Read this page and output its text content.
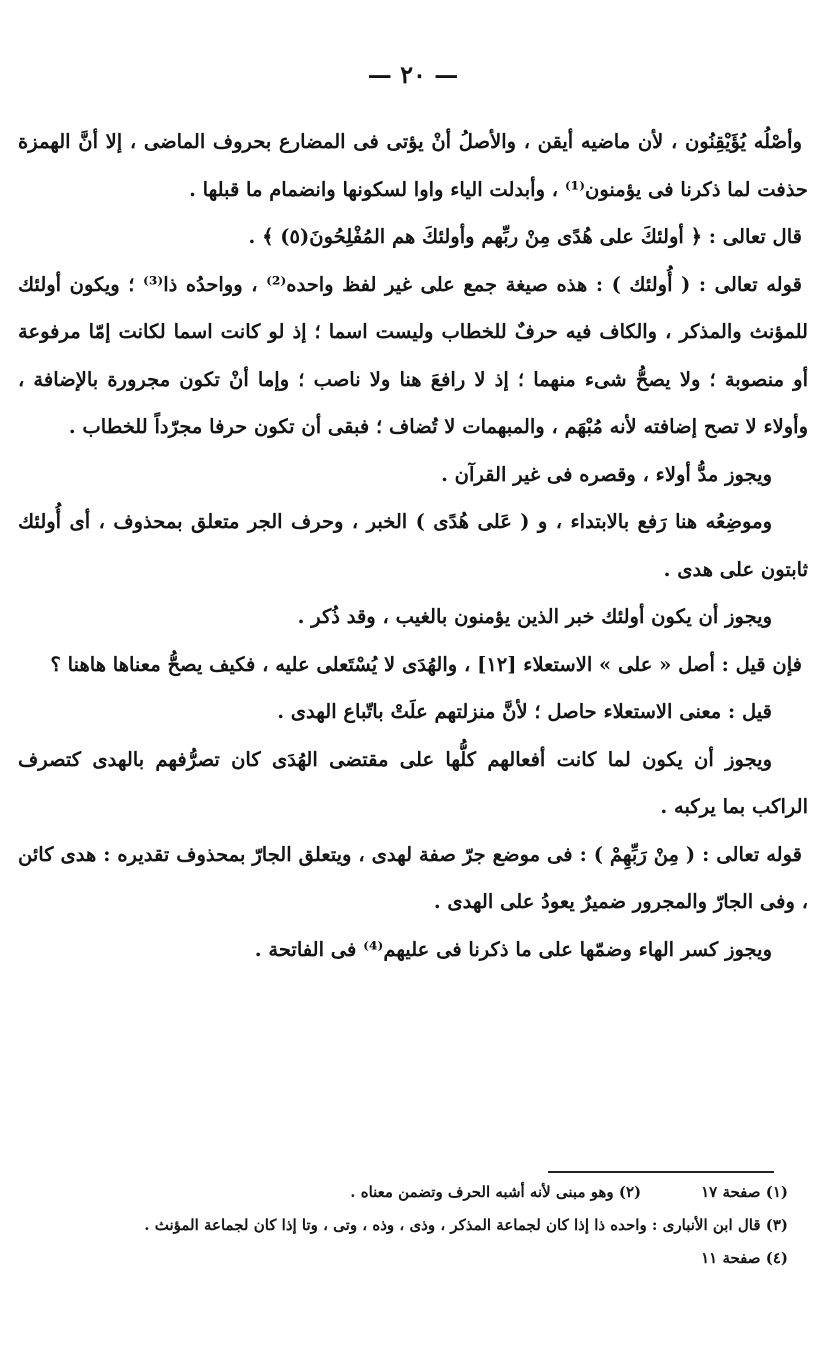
— ٢٠ —

وأصْلُه يُؤَيْقِنُون ، لأن ماضيه أيقن ، والأصلُ أنْ يؤتى فى المضارع بحروف الماضى ، إلا أنَّ الهمزة حذفت لما ذكرنا فى يؤمنون⁽¹⁾ ، وأبدلت الياء واوا لسكونها وانضمام ما قبلها .

قال تعالى : ﴿ أولئكَ على هُدًى مِنْ ربِّهم وأولئكَ هم المُفْلِحُونَ(٥) ﴾ .

قوله تعالى : ( أُولئك ) : هذه صيغة جمع على غير لفظ واحده⁽²⁾ ، وواحدُه ذا⁽³⁾ ؛ ويكون أولئك للمؤنث والمذكر ، والكاف فيه حرفٌ للخطاب وليست اسما ؛ إذ لو كانت اسما لكانت إمّا مرفوعة أو منصوبة ؛ ولا يصحُّ شىء منهما ؛ إذ لا رافعَ هنا ولا ناصب ؛ وإما أنْ تكون مجرورة بالإضافة ، وأولاء لا تصح إضافته لأنه مُبْهَم ، والمبهمات لا تُضاف ؛ فبقى أن تكون حرفا مجرّداً للخطاب .

ويجوز مدُّ أولاء ، وقصره فى غير القرآن .

وموضِعُه هنا رَفع بالابتداء ، و ( عَلى هُدًى ) الخبر ، وحرف الجر متعلق بمحذوف ، أى أُولئك ثابتون على هدى .

ويجوز أن يكون أولئك خبر الذين يؤمنون بالغيب ، وقد ذُكر .

فإن قيل : أصل « على » الاستعلاء [١٢] ، والهُدَى لا يُسْتَعلى عليه ، فكيف يصحُّ معناها هاهنا ؟

قيل : معنى الاستعلاء حاصل ؛ لأنَّ منزلتهم علَتْ باتّباع الهدى .

ويجوز أن يكون لما كانت أفعالهم كلُّها على مقتضى الهُدَى كان تصرُّفهم بالهدى كتصرف الراكب بما يركبه .

قوله تعالى : ( مِنْ رَبِّهِمْ ) : فى موضع جرّ صفة لهدى ، ويتعلق الجارّ بمحذوف تقديره : هدى كائن ، وفى الجارّ والمجرور ضميرٌ يعودُ على الهدى .

ويجوز كسر الهاء وضمّها على ما ذكرنا فى عليهم⁽⁴⁾ فى الفاتحة .

(١) صفحة ١٧(٢) وهو مبنى لأنه أشبه الحرف وتضمن معناه .

(٣) قال ابن الأنبارى : واحده ذا إذا كان لجماعة المذكر ، وذى ، وذه ، وتى ، وتا إذا كان لجماعة المؤنث .

(٤) صفحة ١١
